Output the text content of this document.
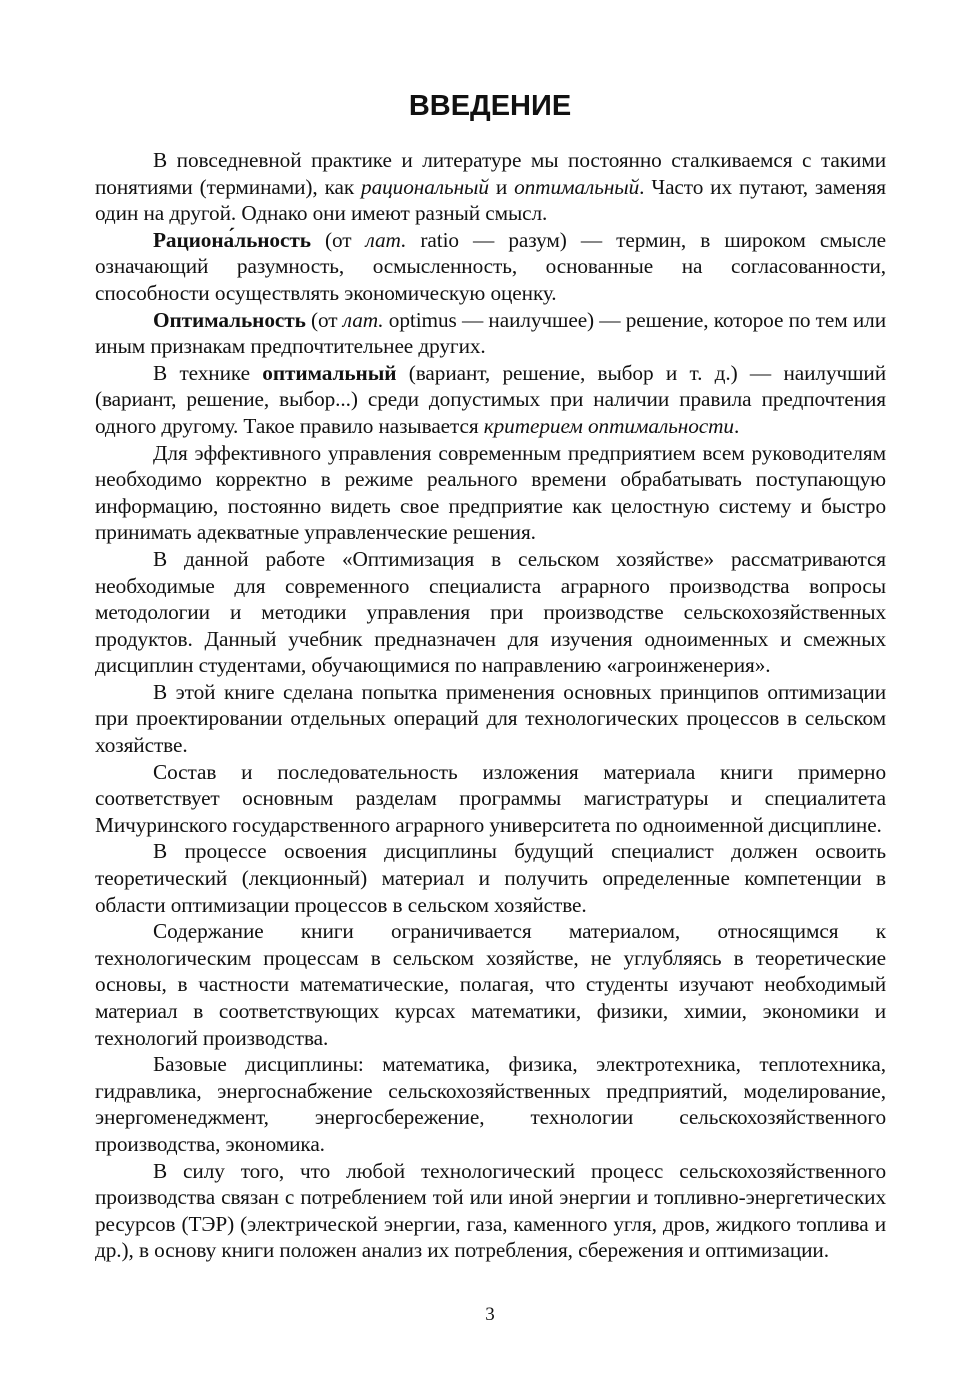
ВВЕДЕНИЕ

В повседневной практике и литературе мы постоянно сталкиваемся с такими понятиями (терминами), как рациональный и оптимальный. Часто их путают, заменяя один на другой. Однако они имеют разный смысл.

Рациона́льность (от лат. ratio — разум) — термин, в широком смысле означающий разумность, осмысленность, основанные на согласованности, способности осуществлять экономическую оценку.

Оптимальность (от лат. optimus — наилучшее) — решение, которое по тем или иным признакам предпочтительнее других.

В технике оптимальный (вариант, решение, выбор и т. д.) — наилучший (вариант, решение, выбор...) среди допустимых при наличии правила предпочтения одного другому. Такое правило называется критерием оптимальности.

Для эффективного управления современным предприятием всем руководителям необходимо корректно в режиме реального времени обрабатывать поступающую информацию, постоянно видеть свое предприятие как целостную систему и быстро принимать адекватные управленческие решения.

В данной работе «Оптимизация в сельском хозяйстве» рассматриваются необходимые для современного специалиста аграрного производства вопросы методологии и методики управления при производстве сельскохозяйственных продуктов. Данный учебник предназначен для изучения одноименных и смежных дисциплин студентами, обучающимися по направлению «агроинженерия».

В этой книге сделана попытка применения основных принципов оптимизации при проектировании отдельных операций для технологических процессов в сельском хозяйстве.

Состав и последовательность изложения материала книги примерно соответствует основным разделам программы магистратуры и специалитета Мичуринского государственного аграрного университета по одноименной дисциплине.

В процессе освоения дисциплины будущий специалист должен освоить теоретический (лекционный) материал и получить определенные компетенции в области оптимизации процессов в сельском хозяйстве.

Содержание книги ограничивается материалом, относящимся к технологическим процессам в сельском хозяйстве, не углубляясь в теоретические основы, в частности математические, полагая, что студенты изучают необходимый материал в соответствующих курсах математики, физики, химии, экономики и технологий производства.

Базовые дисциплины: математика, физика, электротехника, теплотехника, гидравлика, энергоснабжение сельскохозяйственных предприятий, моделирование, энергоменеджмент, энергосбережение, технологии сельскохозяйственного производства, экономика.

В силу того, что любой технологический процесс сельскохозяйственного производства связан с потреблением той или иной энергии и топливно-энергетических ресурсов (ТЭР) (электрической энергии, газа, каменного угля, дров, жидкого топлива и др.), в основу книги положен анализ их потребления, сбережения и оптимизации.

3
